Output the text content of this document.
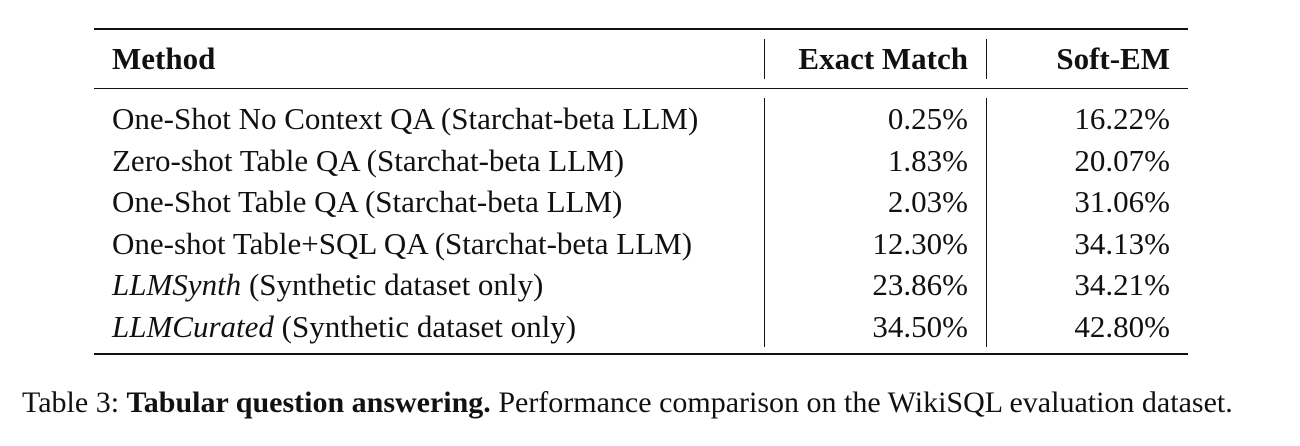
Method	Exact Match	Soft-EM
One-Shot No Context QA (Starchat-beta LLM)	0.25%	16.22%
Zero-shot Table QA (Starchat-beta LLM)	1.83%	20.07%
One-Shot Table QA (Starchat-beta LLM)	2.03%	31.06%
One-shot Table+SQL QA (Starchat-beta LLM)	12.30%	34.13%
LLMSynth (Synthetic dataset only)	23.86%	34.21%
LLMCurated (Synthetic dataset only)	34.50%	42.80%
Table 3: Tabular question answering. Performance comparison on the WikiSQL evaluation dataset.
